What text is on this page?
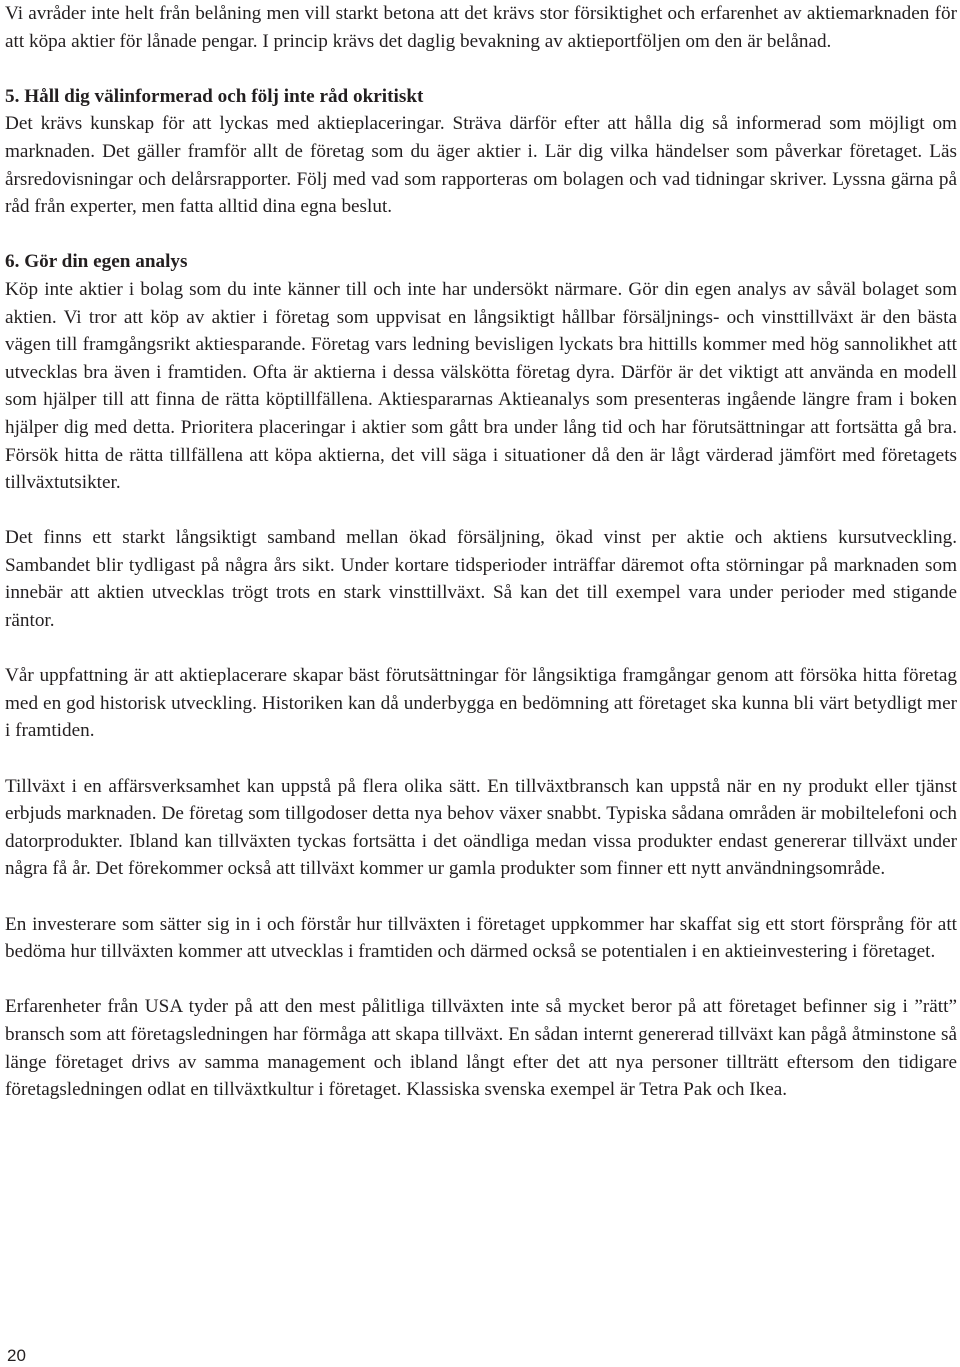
Vi avråder inte helt från belåning men vill starkt betona att det krävs stor försiktighet och erfarenhet av aktiemarknaden för att köpa aktier för lånade pengar. I princip krävs det daglig bevakning av aktieportföljen om den är belånad.

5. Håll dig välinformerad och följ inte råd okritiskt

Det krävs kunskap för att lyckas med aktieplaceringar. Sträva därför efter att hålla dig så informerad som möjligt om marknaden. Det gäller framför allt de företag som du äger aktier i. Lär dig vilka händelser som påverkar företaget. Läs årsredovisningar och delårsrapporter. Följ med vad som rapporteras om bolagen och vad tidningar skriver. Lyssna gärna på råd från experter, men fatta alltid dina egna beslut.

6. Gör din egen analys

Köp inte aktier i bolag som du inte känner till och inte har undersökt närmare. Gör din egen analys av såväl bolaget som aktien. Vi tror att köp av aktier i företag som uppvisat en långsiktigt hållbar försäljnings- och vinsttillväxt är den bästa vägen till framgångsrikt aktiesparande. Företag vars ledning bevisligen lyckats bra hittills kommer med hög sannolikhet att utvecklas bra även i framtiden. Ofta är aktierna i dessa välskötta företag dyra. Därför är det viktigt att använda en modell som hjälper till att finna de rätta köptillfällena. Aktiespararnas Aktieanalys som presenteras ingående längre fram i boken hjälper dig med detta. Prioritera placeringar i aktier som gått bra under lång tid och har förutsättningar att fortsätta gå bra. Försök hitta de rätta tillfällena att köpa aktierna, det vill säga i situationer då den är lågt värderad jämfört med företagets tillväxtutsikter.

Det finns ett starkt långsiktigt samband mellan ökad försäljning, ökad vinst per aktie och aktiens kursutveckling. Sambandet blir tydligast på några års sikt. Under kortare tidsperioder inträffar däremot ofta störningar på marknaden som innebär att aktien utvecklas trögt trots en stark vinsttillväxt. Så kan det till exempel vara under perioder med stigande räntor.

Vår uppfattning är att aktieplacerare skapar bäst förutsättningar för långsiktiga framgångar genom att försöka hitta företag med en god historisk utveckling. Historiken kan då underbygga en bedömning att företaget ska kunna bli värt betydligt mer i framtiden.

Tillväxt i en affärsverksamhet kan uppstå på flera olika sätt. En tillväxtbransch kan uppstå när en ny produkt eller tjänst erbjuds marknaden. De företag som tillgodoser detta nya behov växer snabbt. Typiska sådana områden är mobiltelefoni och datorprodukter. Ibland kan tillväxten tyckas fortsätta i det oändliga medan vissa produkter endast genererar tillväxt under några få år. Det förekommer också att tillväxt kommer ur gamla produkter som finner ett nytt användningsområde.

En investerare som sätter sig in i och förstår hur tillväxten i företaget uppkommer har skaffat sig ett stort försprång för att bedöma hur tillväxten kommer att utvecklas i framtiden och därmed också se potentialen i en aktieinvestering i företaget.

Erfarenheter från USA tyder på att den mest pålitliga tillväxten inte så mycket beror på att företaget befinner sig i ”rätt” bransch som att företagsledningen har förmåga att skapa tillväxt. En sådan internt genererad tillväxt kan pågå åtminstone så länge företaget drivs av samma management och ibland långt efter det att nya personer tillträtt eftersom den tidigare företagsledningen odlat en tillväxtkultur i företaget. Klassiska svenska exempel är Tetra Pak och Ikea.

20
